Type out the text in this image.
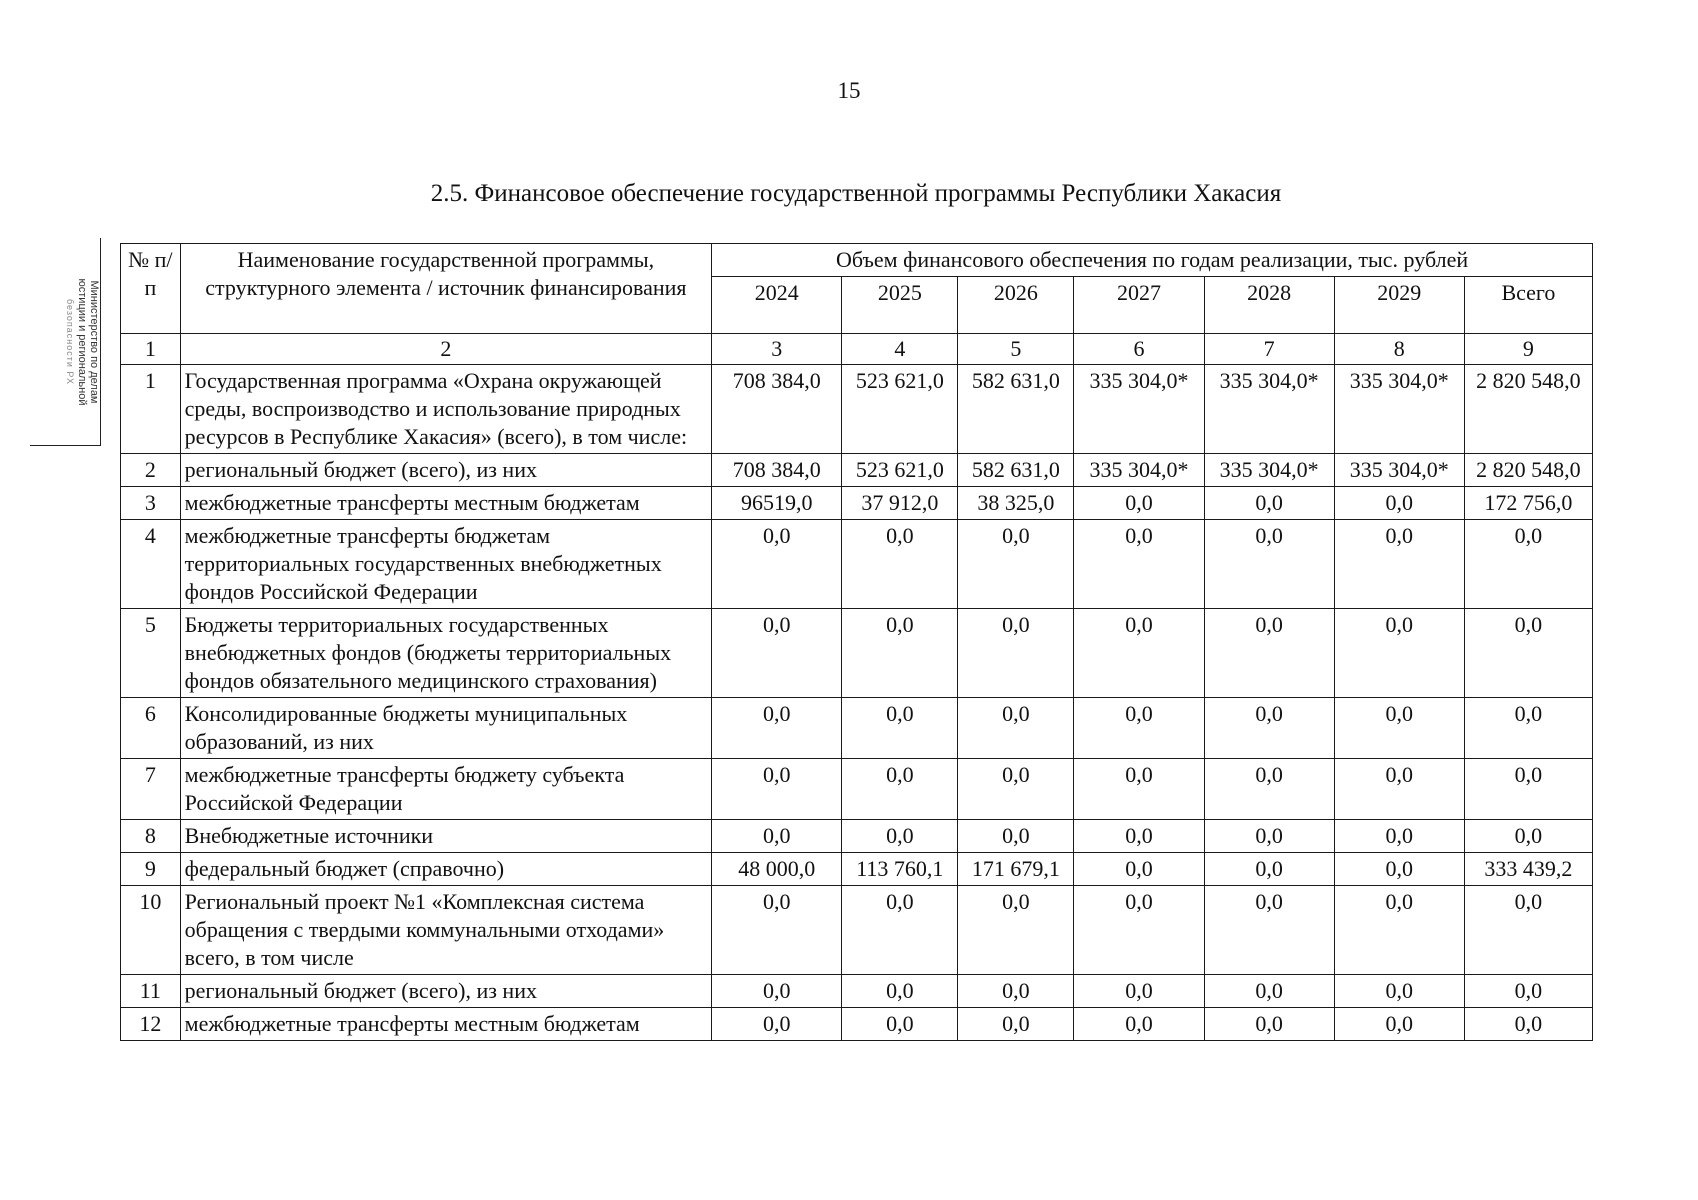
15
2.5. Финансовое обеспечение государственной программы Республики Хакасия
Министерство по делам
юстиции и региональной
безопасности РХ
№ п/п	Наименование государственной программы, структурного элемента / источник финансирования	Объем финансового обеспечения по годам реализации, тыс. рублей						
		2024	2025	2026	2027	2028	2029	Всего
1	2	3	4	5	6	7	8	9
1	Государственная программа «Охрана окружающей среды, воспроизводство и использование природных ресурсов в Республике Хакасия» (всего), в том числе:	708 384,0	523 621,0	582 631,0	335 304,0*	335 304,0*	335 304,0*	2 820 548,0
2	региональный бюджет (всего), из них	708 384,0	523 621,0	582 631,0	335 304,0*	335 304,0*	335 304,0*	2 820 548,0
3	межбюджетные трансферты местным бюджетам	96519,0	37 912,0	38 325,0	0,0	0,0	0,0	172 756,0
4	межбюджетные трансферты бюджетам территориальных государственных внебюджетных фондов Российской Федерации	0,0	0,0	0,0	0,0	0,0	0,0	0,0
5	Бюджеты территориальных государственных внебюджетных фондов (бюджеты территориальных фондов обязательного медицинского страхования)	0,0	0,0	0,0	0,0	0,0	0,0	0,0
6	Консолидированные бюджеты муниципальных образований, из них	0,0	0,0	0,0	0,0	0,0	0,0	0,0
7	межбюджетные трансферты бюджету субъекта Российской Федерации	0,0	0,0	0,0	0,0	0,0	0,0	0,0
8	Внебюджетные источники	0,0	0,0	0,0	0,0	0,0	0,0	0,0
9	федеральный бюджет (справочно)	48 000,0	113 760,1	171 679,1	0,0	0,0	0,0	333 439,2
10	Региональный проект №1 «Комплексная система обращения с твердыми коммунальными отходами» всего, в том числе	0,0	0,0	0,0	0,0	0,0	0,0	0,0
11	региональный бюджет (всего), из них	0,0	0,0	0,0	0,0	0,0	0,0	0,0
12	межбюджетные трансферты местным бюджетам	0,0	0,0	0,0	0,0	0,0	0,0	0,0
